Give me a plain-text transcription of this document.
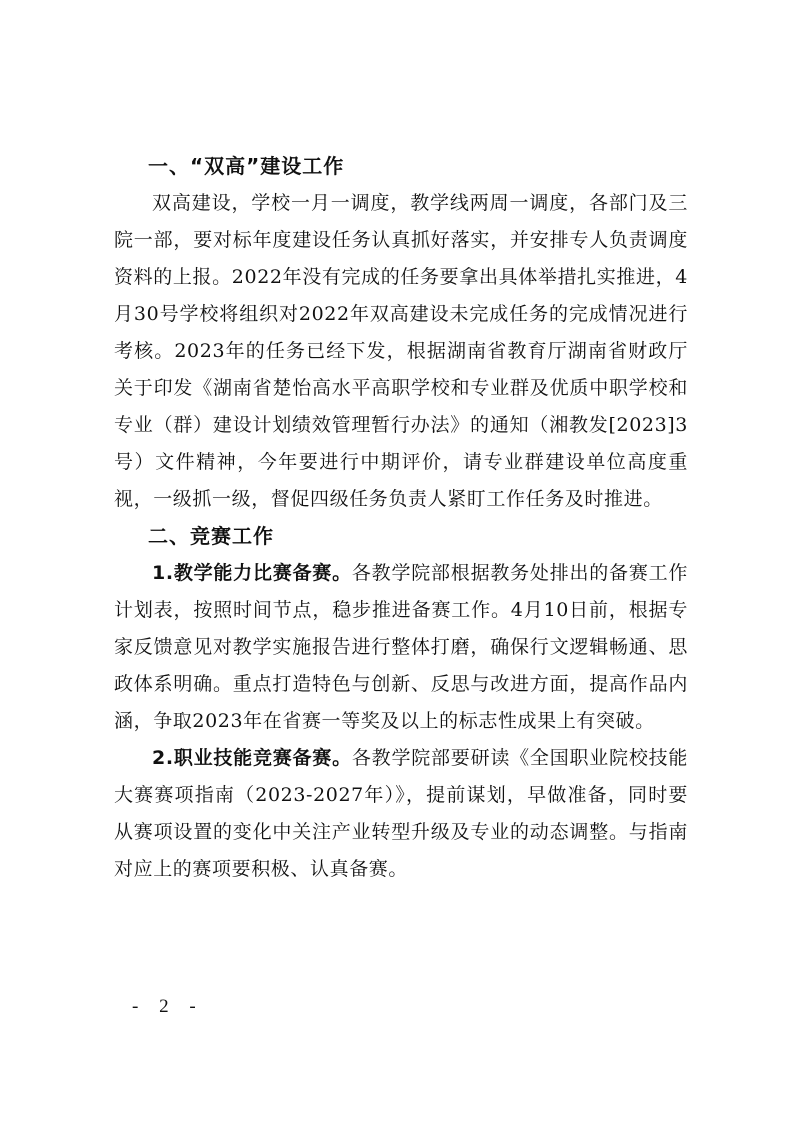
一、“双高”建设工作

双高建设，学校一月一调度，教学线两周一调度，各部门及三院一部，要对标年度建设任务认真抓好落实，并安排专人负责调度资料的上报。2022年没有完成的任务要拿出具体举措扎实推进，4月30号学校将组织对2022年双高建设未完成任务的完成情况进行考核。2023年的任务已经下发，根据湖南省教育厅湖南省财政厅关于印发《湖南省楚怡高水平高职学校和专业群及优质中职学校和专业（群）建设计划绩效管理暂行办法》的通知（湘教发[2023]3号）文件精神，今年要进行中期评价，请专业群建设单位高度重视，一级抓一级，督促四级任务负责人紧盯工作任务及时推进。

二、竞赛工作

1.教学能力比赛备赛。各教学院部根据教务处排出的备赛工作计划表，按照时间节点，稳步推进备赛工作。4月10日前，根据专家反馈意见对教学实施报告进行整体打磨，确保行文逻辑畅通、思政体系明确。重点打造特色与创新、反思与改进方面，提高作品内涵，争取2023年在省赛一等奖及以上的标志性成果上有突破。

2.职业技能竞赛备赛。各教学院部要研读《全国职业院校技能大赛赛项指南（2023-2027年）》，提前谋划，早做准备，同时要从赛项设置的变化中关注产业转型升级及专业的动态调整。与指南对应上的赛项要积极、认真备赛。

- 2 -
